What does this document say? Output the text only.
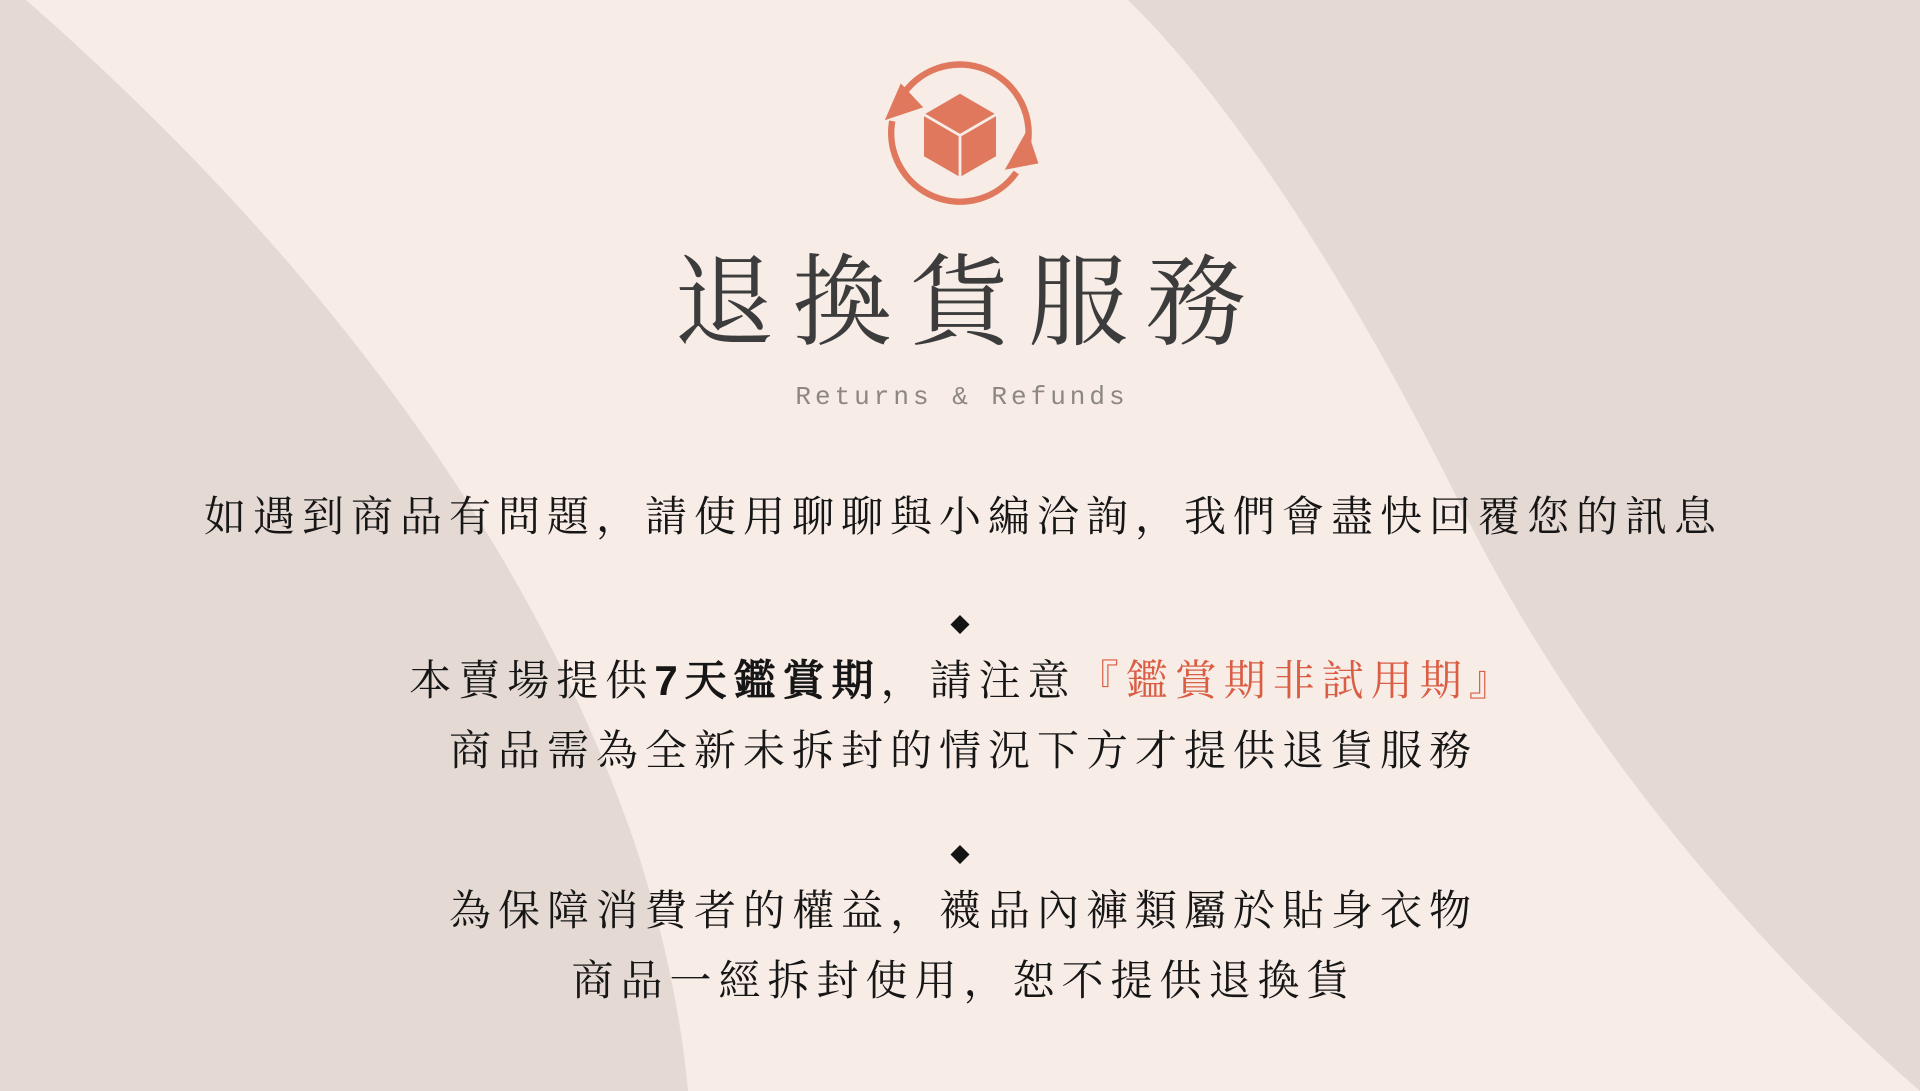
退換貨服務
Returns & Refunds

如遇到商品有問題，請使用聊聊與小編洽詢，我們會盡快回覆您的訊息

◆

本賣場提供7天鑑賞期，請注意『鑑賞期非試用期』
商品需為全新未拆封的情況下方才提供退貨服務

◆

為保障消費者的權益，襪品內褲類屬於貼身衣物
商品一經拆封使用，恕不提供退換貨
